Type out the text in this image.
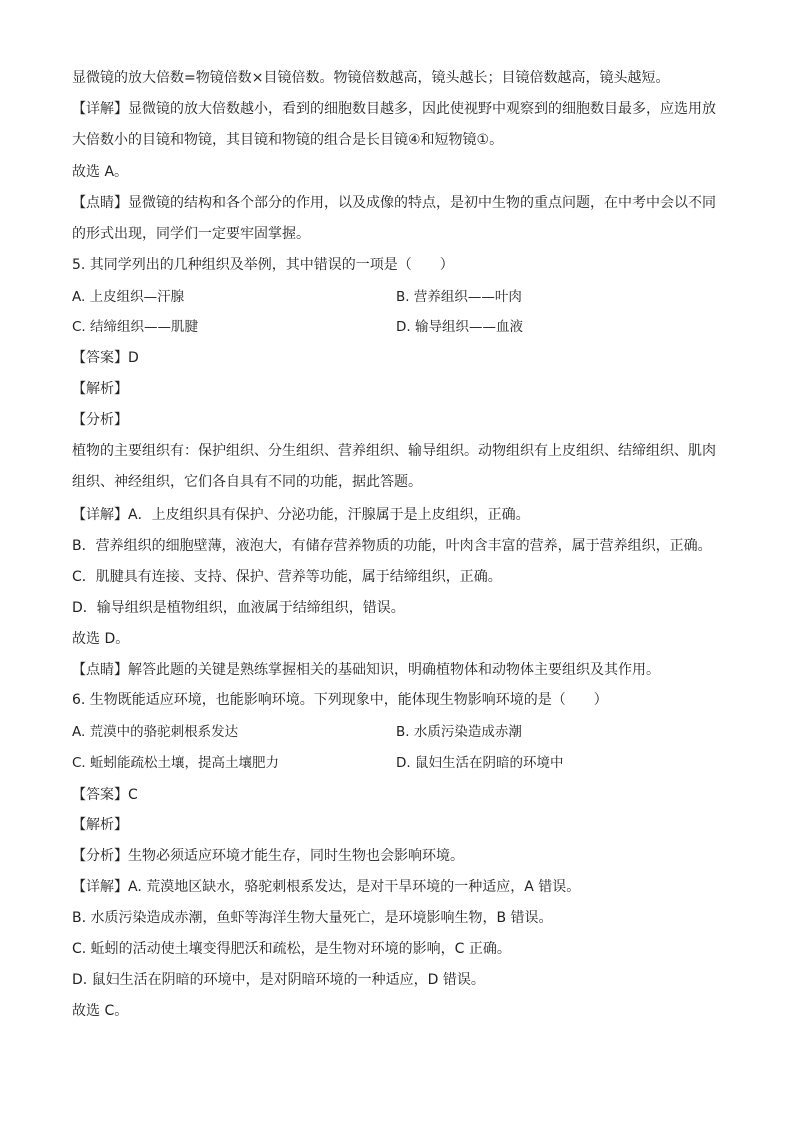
显微镜的放大倍数=物镜倍数×目镜倍数。物镜倍数越高，镜头越长；目镜倍数越高，镜头越短。
【详解】显微镜的放大倍数越小，看到的细胞数目越多，因此使视野中观察到的细胞数目最多，应选用放大倍数小的目镜和物镜，其目镜和物镜的组合是长目镜④和短物镜①。
故选 A。
【点睛】显微镜的结构和各个部分的作用，以及成像的特点，是初中生物的重点问题，在中考中会以不同的形式出现，同学们一定要牢固掌握。
5. 其同学列出的几种组织及举例，其中错误的一项是（　　）
A. 上皮组织—汗腺	B. 营养组织——叶肉
C. 结缔组织——肌腱	D. 输导组织——血液
【答案】D
【解析】
【分析】
植物的主要组织有：保护组织、分生组织、营养组织、输导组织。动物组织有上皮组织、结缔组织、肌肉组织、神经组织，它们各自具有不同的功能，据此答题。
【详解】A．上皮组织具有保护、分泌功能，汗腺属于是上皮组织，正确。
B．营养组织的细胞壁薄，液泡大，有储存营养物质的功能，叶肉含丰富的营养，属于营养组织，正确。
C．肌腱具有连接、支持、保护、营养等功能，属于结缔组织，正确。
D．输导组织是植物组织，血液属于结缔组织，错误。
故选 D。
【点睛】解答此题的关键是熟练掌握相关的基础知识，明确植物体和动物体主要组织及其作用。
6. 生物既能适应环境，也能影响环境。下列现象中，能体现生物影响环境的是（　　）
A. 荒漠中的骆驼刺根系发达	B. 水质污染造成赤潮
C. 蚯蚓能疏松土壤，提高土壤肥力	D. 鼠妇生活在阴暗的环境中
【答案】C
【解析】
【分析】生物必须适应环境才能生存，同时生物也会影响环境。
【详解】A. 荒漠地区缺水，骆驼刺根系发达，是对干旱环境的一种适应，A 错误。
B. 水质污染造成赤潮，鱼虾等海洋生物大量死亡，是环境影响生物，B 错误。
C. 蚯蚓的活动使土壤变得肥沃和疏松，是生物对环境的影响，C 正确。
D. 鼠妇生活在阴暗的环境中，是对阴暗环境的一种适应，D 错误。
故选 C。
